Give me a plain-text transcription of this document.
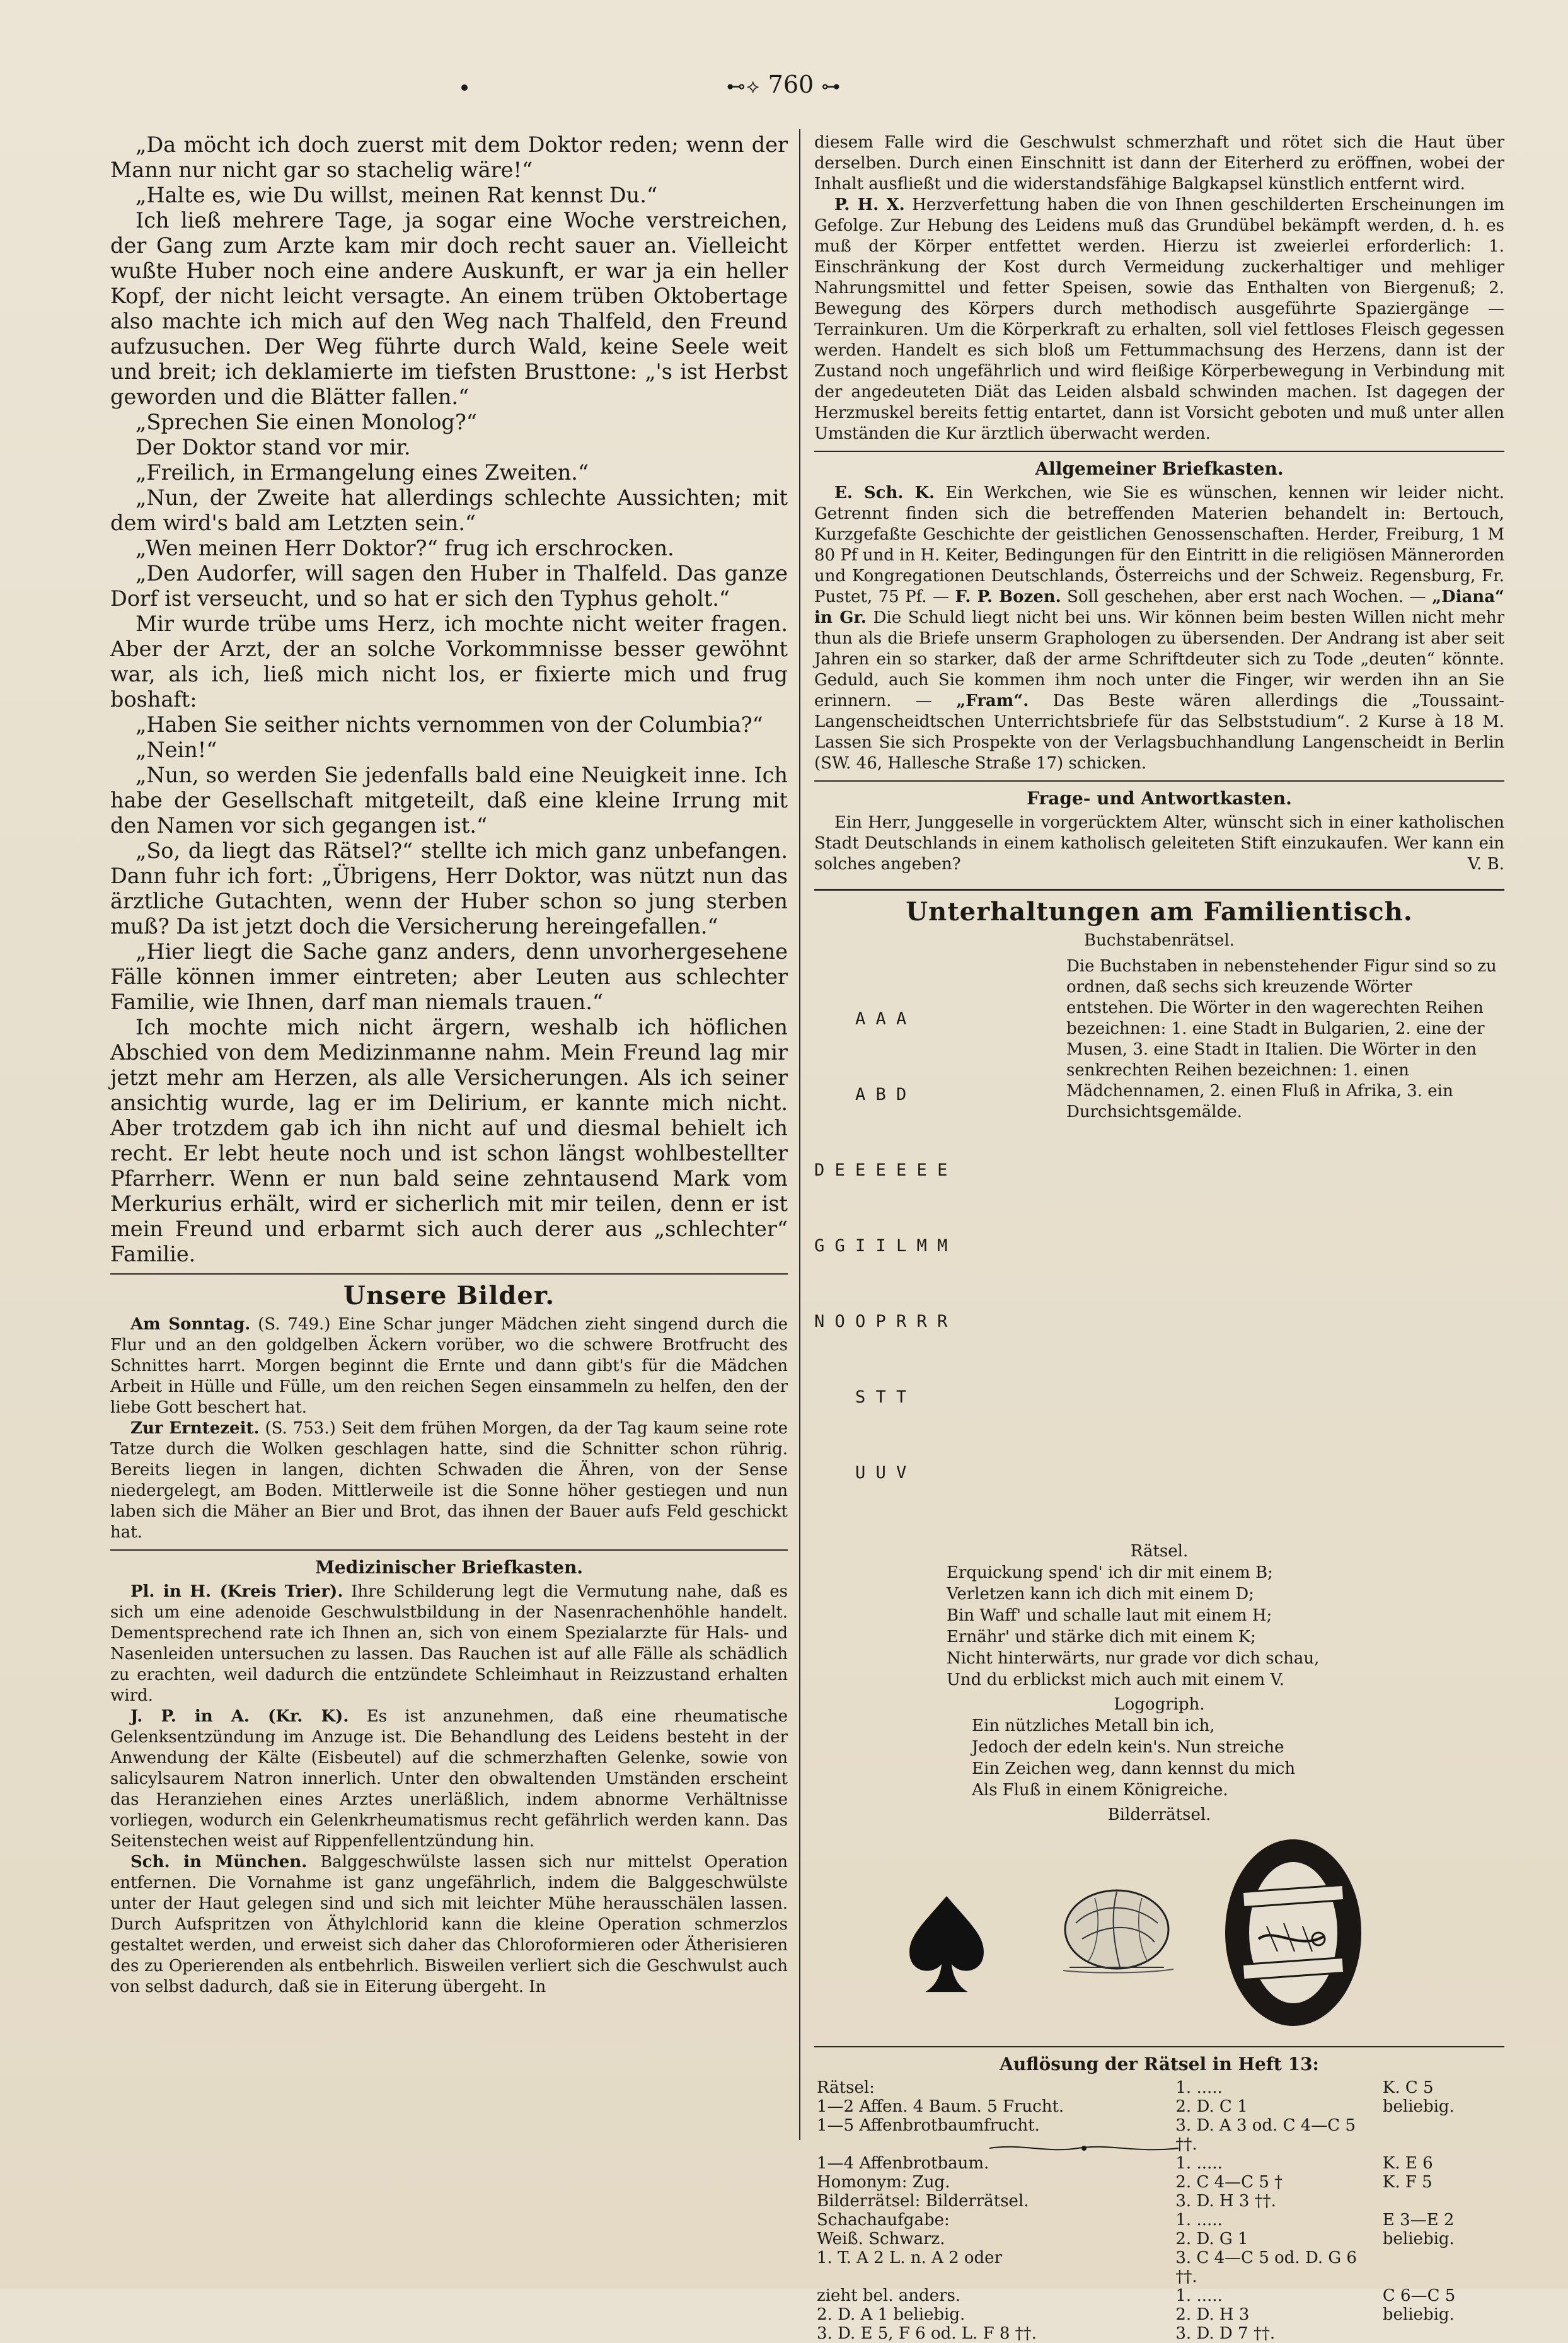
⊷⟡ 760 ⊶

„Da möcht ich doch zuerst mit dem Doktor reden; wenn der Mann nur nicht gar so stachelig wäre!“

„Halte es, wie Du willst, meinen Rat kennst Du.“

Ich ließ mehrere Tage, ja sogar eine Woche verstreichen, der Gang zum Arzte kam mir doch recht sauer an. Vielleicht wußte Huber noch eine andere Auskunft, er war ja ein heller Kopf, der nicht leicht versagte. An einem trüben Oktobertage also machte ich mich auf den Weg nach Thalfeld, den Freund aufzusuchen. Der Weg führte durch Wald, keine Seele weit und breit; ich deklamierte im tiefsten Brusttone: „'s ist Herbst geworden und die Blätter fallen.“

„Sprechen Sie einen Monolog?“

Der Doktor stand vor mir.

„Freilich, in Ermangelung eines Zweiten.“

„Nun, der Zweite hat allerdings schlechte Aussichten; mit dem wird's bald am Letzten sein.“

„Wen meinen Herr Doktor?“ frug ich erschrocken.

„Den Audorfer, will sagen den Huber in Thalfeld. Das ganze Dorf ist verseucht, und so hat er sich den Typhus geholt.“

Mir wurde trübe ums Herz, ich mochte nicht weiter fragen. Aber der Arzt, der an solche Vorkommnisse besser gewöhnt war, als ich, ließ mich nicht los, er fixierte mich und frug boshaft:

„Haben Sie seither nichts vernommen von der Columbia?“

„Nein!“

„Nun, so werden Sie jedenfalls bald eine Neuigkeit inne. Ich habe der Gesellschaft mitgeteilt, daß eine kleine Irrung mit den Namen vor sich gegangen ist.“

„So, da liegt das Rätsel?“ stellte ich mich ganz unbefangen. Dann fuhr ich fort: „Übrigens, Herr Doktor, was nützt nun das ärztliche Gutachten, wenn der Huber schon so jung sterben muß? Da ist jetzt doch die Versicherung hereingefallen.“

„Hier liegt die Sache ganz anders, denn unvorhergesehene Fälle können immer eintreten; aber Leuten aus schlechter Familie, wie Ihnen, darf man niemals trauen.“

Ich mochte mich nicht ärgern, weshalb ich höflichen Abschied von dem Medizinmanne nahm. Mein Freund lag mir jetzt mehr am Herzen, als alle Versicherungen. Als ich seiner ansichtig wurde, lag er im Delirium, er kannte mich nicht. Aber trotzdem gab ich ihn nicht auf und diesmal behielt ich recht. Er lebt heute noch und ist schon längst wohlbestellter Pfarrherr. Wenn er nun bald seine zehntausend Mark vom Merkurius erhält, wird er sicherlich mit mir teilen, denn er ist mein Freund und erbarmt sich auch derer aus „schlechter“ Familie.

Unsere Bilder.

Am Sonntag. (S. 749.) Eine Schar junger Mädchen zieht singend durch die Flur und an den goldgelben Äckern vorüber, wo die schwere Brotfrucht des Schnittes harrt. Morgen beginnt die Ernte und dann gibt's für die Mädchen Arbeit in Hülle und Fülle, um den reichen Segen einsammeln zu helfen, den der liebe Gott beschert hat.

Zur Erntezeit. (S. 753.) Seit dem frühen Morgen, da der Tag kaum seine rote Tatze durch die Wolken geschlagen hatte, sind die Schnitter schon rührig. Bereits liegen in langen, dichten Schwaden die Ähren, von der Sense niedergelegt, am Boden. Mittlerweile ist die Sonne höher gestiegen und nun laben sich die Mäher an Bier und Brot, das ihnen der Bauer aufs Feld geschickt hat.

Medizinischer Briefkasten.

Pl. in H. (Kreis Trier). Ihre Schilderung legt die Vermutung nahe, daß es sich um eine adenoide Geschwulstbildung in der Nasenrachenhöhle handelt. Dementsprechend rate ich Ihnen an, sich von einem Spezialarzte für Hals- und Nasenleiden untersuchen zu lassen. Das Rauchen ist auf alle Fälle als schädlich zu erachten, weil dadurch die entzündete Schleimhaut in Reizzustand erhalten wird.

J. P. in A. (Kr. K). Es ist anzunehmen, daß eine rheumatische Gelenksentzündung im Anzuge ist. Die Behandlung des Leidens besteht in der Anwendung der Kälte (Eisbeutel) auf die schmerzhaften Gelenke, sowie von salicylsaurem Natron innerlich. Unter den obwaltenden Umständen erscheint das Heranziehen eines Arztes unerläßlich, indem abnorme Verhältnisse vorliegen, wodurch ein Gelenkrheumatismus recht gefährlich werden kann. Das Seitenstechen weist auf Rippenfellentzündung hin.

Sch. in München. Balggeschwülste lassen sich nur mittelst Operation entfernen. Die Vornahme ist ganz ungefährlich, indem die Balggeschwülste unter der Haut gelegen sind und sich mit leichter Mühe herausschälen lassen. Durch Aufspritzen von Äthylchlorid kann die kleine Operation schmerzlos gestaltet werden, und erweist sich daher das Chloroformieren oder Ätherisieren des zu Operierenden als entbehrlich. Bisweilen verliert sich die Geschwulst auch von selbst dadurch, daß sie in Eiterung übergeht. In

diesem Falle wird die Geschwulst schmerzhaft und rötet sich die Haut über derselben. Durch einen Einschnitt ist dann der Eiterherd zu eröffnen, wobei der Inhalt ausfließt und die widerstandsfähige Balgkapsel künstlich entfernt wird.

P. H. X. Herzverfettung haben die von Ihnen geschilderten Erscheinungen im Gefolge. Zur Hebung des Leidens muß das Grundübel bekämpft werden, d. h. es muß der Körper entfettet werden. Hierzu ist zweierlei erforderlich: 1. Einschränkung der Kost durch Vermeidung zuckerhaltiger und mehliger Nahrungsmittel und fetter Speisen, sowie das Enthalten von Biergenuß; 2. Bewegung des Körpers durch methodisch ausgeführte Spaziergänge — Terrainkuren. Um die Körperkraft zu erhalten, soll viel fettloses Fleisch gegessen werden. Handelt es sich bloß um Fettummachsung des Herzens, dann ist der Zustand noch ungefährlich und wird fleißige Körperbewegung in Verbindung mit der angedeuteten Diät das Leiden alsbald schwinden machen. Ist dagegen der Herzmuskel bereits fettig entartet, dann ist Vorsicht geboten und muß unter allen Umständen die Kur ärztlich überwacht werden.

Allgemeiner Briefkasten.

E. Sch. K. Ein Werkchen, wie Sie es wünschen, kennen wir leider nicht. Getrennt finden sich die betreffenden Materien behandelt in: Bertouch, Kurzgefaßte Geschichte der geistlichen Genossenschaften. Herder, Freiburg, 1 M 80 Pf und in H. Keiter, Bedingungen für den Eintritt in die religiösen Männerorden und Kongregationen Deutschlands, Österreichs und der Schweiz. Regensburg, Fr. Pustet, 75 Pf. — F. P. Bozen. Soll geschehen, aber erst nach Wochen. — „Diana“ in Gr. Die Schuld liegt nicht bei uns. Wir können beim besten Willen nicht mehr thun als die Briefe unserm Graphologen zu übersenden. Der Andrang ist aber seit Jahren ein so starker, daß der arme Schriftdeuter sich zu Tode „deuten“ könnte. Geduld, auch Sie kommen ihm noch unter die Finger, wir werden ihn an Sie erinnern. — „Fram“. Das Beste wären allerdings die „Toussaint-Langenscheidtschen Unterrichtsbriefe für das Selbststudium“. 2 Kurse à 18 M. Lassen Sie sich Prospekte von der Verlagsbuchhandlung Langenscheidt in Berlin (SW. 46, Hallesche Straße 17) schicken.

Frage- und Antwortkasten.

Ein Herr, Junggeselle in vorgerücktem Alter, wünscht sich in einer katholischen Stadt Deutschlands in einem katholisch geleiteten Stift einzukaufen. Wer kann ein solches angeben?	V. B.

Unterhaltungen am Familientisch.
Buchstabenrätsel.

A A A

A B D

D E E E E E E

G G I I L M M

N O O P R R R

S T T

U U V

Die Buchstaben in nebenstehender Figur sind so zu ordnen, daß sechs sich kreuzende Wörter entstehen. Die Wörter in den wagerechten Reihen bezeichnen: 1. eine Stadt in Bulgarien, 2. eine der Musen, 3. eine Stadt in Italien. Die Wörter in den senkrechten Reihen bezeichnen: 1. einen Mädchennamen, 2. einen Fluß in Afrika, 3. ein Durchsichtsgemälde.
Rätsel.
Erquickung spend' ich dir mit einem B;
Verletzen kann ich dich mit einem D;
Bin Waff' und schalle laut mit einem H;
Ernähr' und stärke dich mit einem K;
Nicht hinterwärts, nur grade vor dich schau,
Und du erblickst mich auch mit einem V.
Logogriph.
Ein nützliches Metall bin ich,
Jedoch der edeln kein's. Nun streiche
Ein Zeichen weg, dann kennst du mich
Als Fluß in einem Königreiche.
Bilderrätsel.
Auflösung der Rätsel in Heft 13:
Rätsel:	1. .....	K. C 5
1—2 Affen. 4 Baum. 5 Frucht.	2. D. C 1	beliebig.
1—5 Affenbrotbaumfrucht.	3. D. A 3 od. C 4—C 5 ††.	
1—4 Affenbrotbaum.	1. .....	K. E 6
Homonym: Zug.	2. C 4—C 5 †	K. F 5
Bilderrätsel: Bilderrätsel.	3. D. H 3 ††.	
Schachaufgabe:	1. .....	E 3—E 2
Weiß. Schwarz.	2. D. G 1	beliebig.
1. T. A 2 L. n. A 2 oder	3. C 4—C 5 od. D. G 6 ††.	
zieht bel. anders.	1. .....	C 6—C 5
2. D. A 1 beliebig.	2. D. H 3	beliebig.
3. D. E 5, F 6 od. L. F 8 ††.	3. D. D 7 ††.	
